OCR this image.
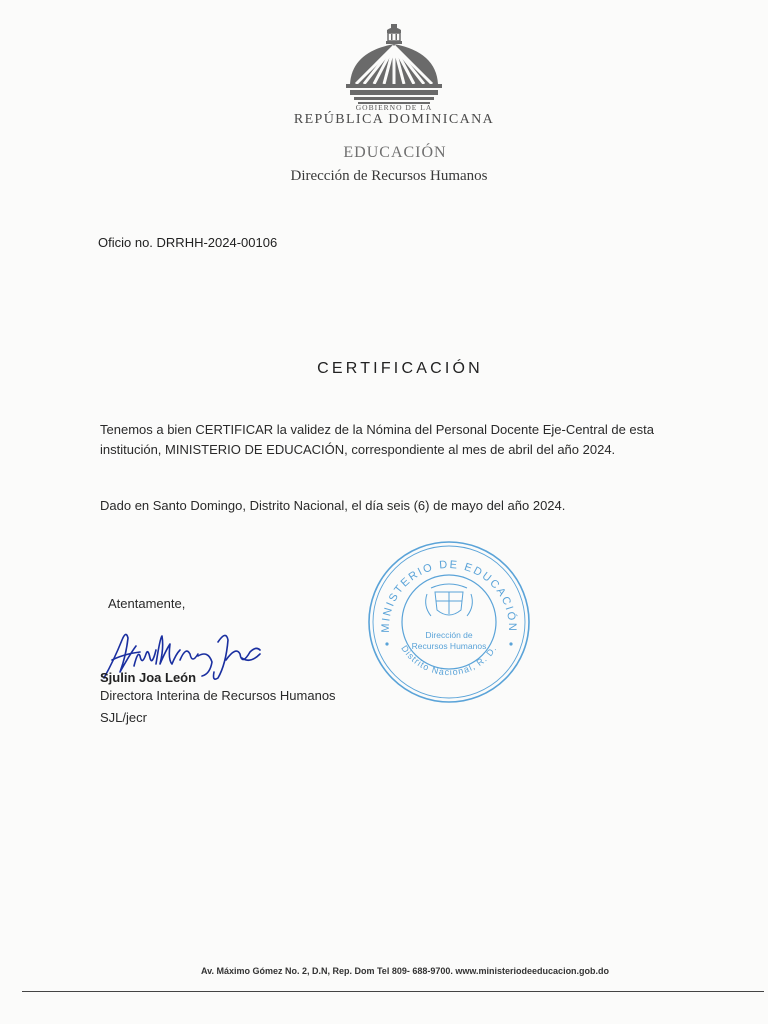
GOBIERNO DE LA
REPÚBLICA DOMINICANA
EDUCACIÓN
Dirección de Recursos Humanos
Oficio no. DRRHH-2024-00106
CERTIFICACIÓN
Tenemos a bien CERTIFICAR la validez de la Nómina del Personal Docente Eje-Central de esta
institución, MINISTERIO DE EDUCACIÓN, correspondiente al mes de abril del año 2024.
Dado en Santo Domingo, Distrito Nacional, el día seis (6) de mayo del año 2024.
Atentamente,
Sjulin Joa León
Directora Interina de Recursos Humanos
SJL/jecr
MINISTERIO DE EDUCACIÓN
Distrito Nacional, R. D.
Dirección de
Recursos Humanos
Av. Máximo Gómez No. 2, D.N, Rep. Dom Tel 809- 688-9700. www.ministeriodeeducacion.gob.do
